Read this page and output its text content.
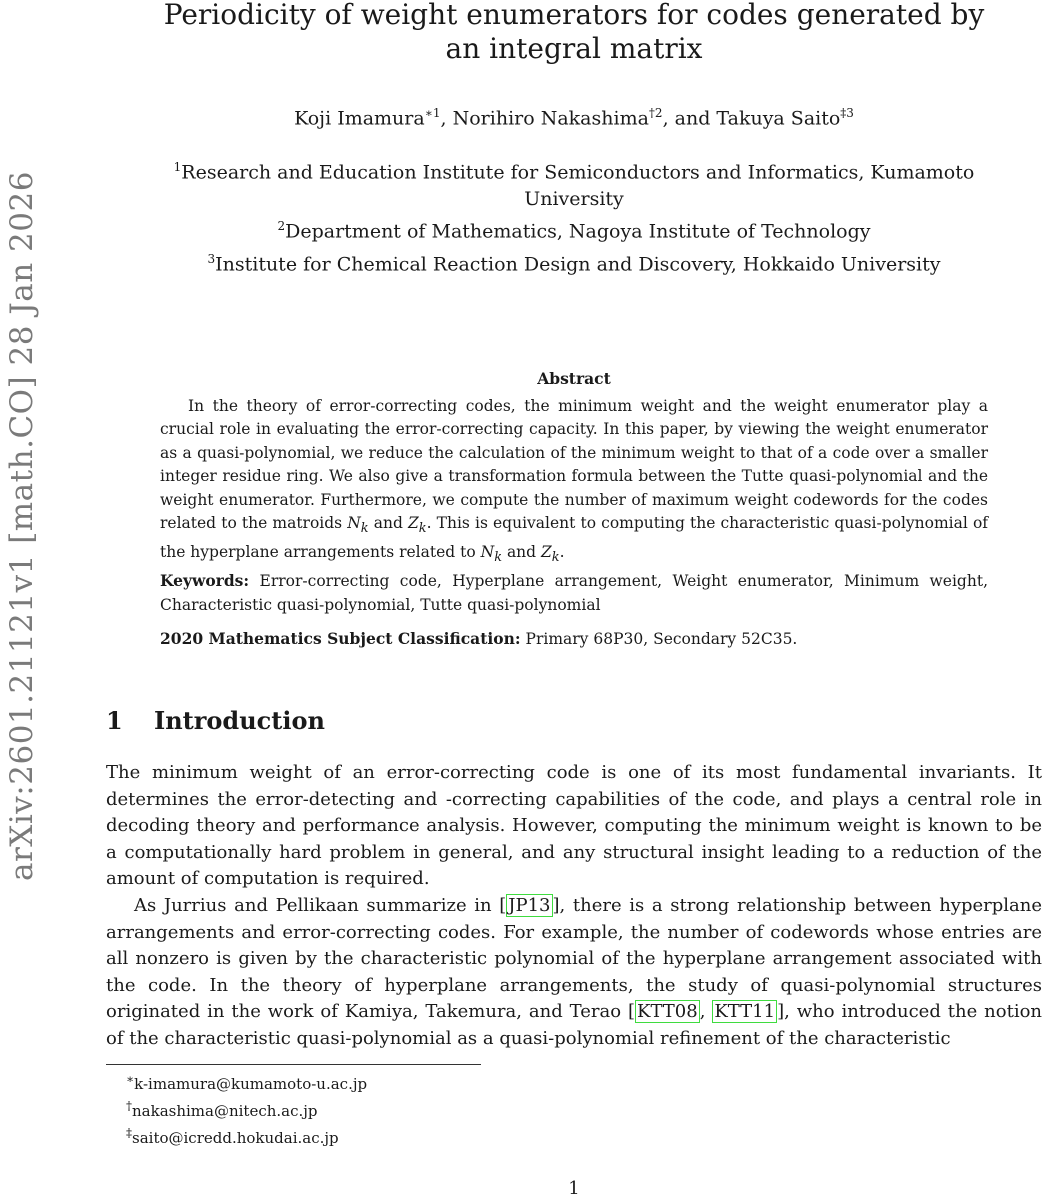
arXiv:2601.21121v1 [math.CO] 28 Jan 2026
Periodicity of weight enumerators for codes generated by
an integral matrix
Koji Imamura$^{∗1}$, Norihiro Nakashima$^{\dagger 2}$, and Takuya Saito$^{\ddagger 3}$
$^1$Research and Education Institute for Semiconductors and Informatics, Kumamoto University
$^2$Department of Mathematics, Nagoya Institute of Technology
$^3$Institute for Chemical Reaction Design and Discovery, Hokkaido University
Abstract

In the theory of error-correcting codes, the minimum weight and the weight enumerator play a crucial role in evaluating the error-correcting capacity. In this paper, by viewing the weight enumerator as a quasi-polynomial, we reduce the calculation of the minimum weight to that of a code over a smaller integer residue ring. We also give a transformation formula between the Tutte quasi-polynomial and the weight enumerator. Furthermore, we compute the number of maximum weight codewords for the codes related to the matroids $N_k$ and $Z_k$. This is equivalent to computing the characteristic quasi-polynomial of the hyperplane arrangements related to $N_k$ and $Z_k$.

Keywords: Error-correcting code, Hyperplane arrangement, Weight enumerator, Minimum weight, Characteristic quasi-polynomial, Tutte quasi-polynomial

2020 Mathematics Subject Classification: Primary 68P30, Secondary 52C35.

1 Introduction

The minimum weight of an error-correcting code is one of its most fundamental invariants. It determines the error-detecting and -correcting capabilities of the code, and plays a central role in decoding theory and performance analysis. However, computing the minimum weight is known to be a computationally hard problem in general, and any structural insight leading to a reduction of the amount of computation is required.

As Jurrius and Pellikaan summarize in [ JP13 ], there is a strong relationship between hyperplane arrangements and error-correcting codes. For example, the number of codewords whose entries are all nonzero is given by the characteristic polynomial of the hyperplane arrangement associated with the code. In the theory of hyperplane arrangements, the study of quasi-polynomial structures originated in the work of Kamiya, Takemura, and Terao [ KTT08 , KTT11 ], who introduced the notion of the characteristic quasi-polynomial as a quasi-polynomial refinement of the characteristic

∗k-imamura@kumamoto-u.ac.jp
†nakashima@nitech.ac.jp
‡saito@icredd.hokudai.ac.jp
1
